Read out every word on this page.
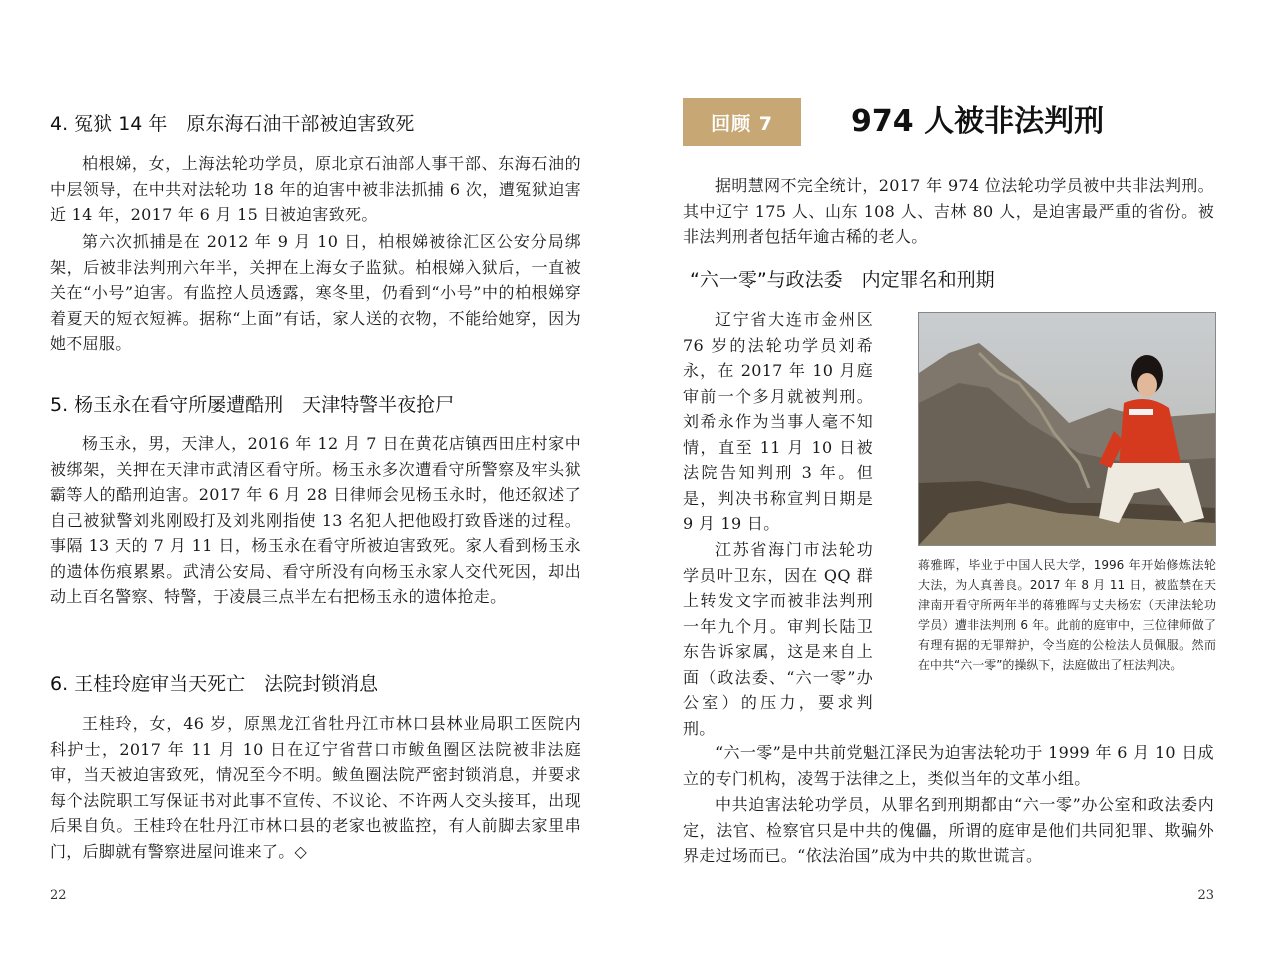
4. 冤狱 14 年　原东海石油干部被迫害致死

柏根娣，女，上海法轮功学员，原北京石油部人事干部、东海石油的中层领导，在中共对法轮功 18 年的迫害中被非法抓捕 6 次，遭冤狱迫害近 14 年，2017 年 6 月 15 日被迫害致死。

第六次抓捕是在 2012 年 9 月 10 日，柏根娣被徐汇区公安分局绑架，后被非法判刑六年半，关押在上海女子监狱。柏根娣入狱后，一直被关在“小号”迫害。有监控人员透露，寒冬里，仍看到“小号”中的柏根娣穿着夏天的短衣短裤。据称“上面”有话，家人送的衣物，不能给她穿，因为她不屈服。

5. 杨玉永在看守所屡遭酷刑　天津特警半夜抢尸

杨玉永，男，天津人，2016 年 12 月 7 日在黄花店镇西田庄村家中被绑架，关押在天津市武清区看守所。杨玉永多次遭看守所警察及牢头狱霸等人的酷刑迫害。2017 年 6 月 28 日律师会见杨玉永时，他还叙述了自己被狱警刘兆刚殴打及刘兆刚指使 13 名犯人把他殴打致昏迷的过程。事隔 13 天的 7 月 11 日，杨玉永在看守所被迫害致死。家人看到杨玉永的遗体伤痕累累。武清公安局、看守所没有向杨玉永家人交代死因，却出动上百名警察、特警，于凌晨三点半左右把杨玉永的遗体抢走。

6. 王桂玲庭审当天死亡　法院封锁消息

王桂玲，女，46 岁，原黑龙江省牡丹江市林口县林业局职工医院内科护士，2017 年 11 月 10 日在辽宁省营口市鲅鱼圈区法院被非法庭审，当天被迫害致死，情况至今不明。鲅鱼圈法院严密封锁消息，并要求每个法院职工写保证书对此事不宣传、不议论、不许两人交头接耳，出现后果自负。王桂玲在牡丹江市林口县的老家也被监控，有人前脚去家里串门，后脚就有警察进屋问谁来了。◇

22
回顾 7	974 人被非法判刑

据明慧网不完全统计，2017 年 974 位法轮功学员被中共非法判刑。其中辽宁 175 人、山东 108 人、吉林 80 人，是迫害最严重的省份。被非法判刑者包括年逾古稀的老人。

“六一零”与政法委　内定罪名和刑期

辽宁省大连市金州区 76 岁的法轮功学员刘希永，在 2017 年 10 月庭审前一个多月就被判刑。刘希永作为当事人毫不知情，直至 11 月 10 日被法院告知判刑 3 年。但是，判决书称宣判日期是 9 月 19 日。

江苏省海门市法轮功学员叶卫东，因在 QQ 群上转发文字而被非法判刑一年九个月。审判长陆卫东告诉家属，这是来自上面（政法委、“六一零”办公室）的压力，要求判刑。

蒋雅晖，毕业于中国人民大学，1996 年开始修炼法轮大法，为人真善良。2017 年 8 月 11 日，被监禁在天津南开看守所两年半的蒋雅晖与丈夫杨宏（天津法轮功学员）遭非法判刑 6 年。此前的庭审中，三位律师做了有理有据的无罪辩护，令当庭的公检法人员佩服。然而在中共“六一零”的操纵下，法庭做出了枉法判决。

“六一零”是中共前党魁江泽民为迫害法轮功于 1999 年 6 月 10 日成立的专门机构，凌驾于法律之上，类似当年的文革小组。

中共迫害法轮功学员，从罪名到刑期都由“六一零”办公室和政法委内定，法官、检察官只是中共的傀儡，所谓的庭审是他们共同犯罪、欺骗外界走过场而已。“依法治国”成为中共的欺世谎言。

23
